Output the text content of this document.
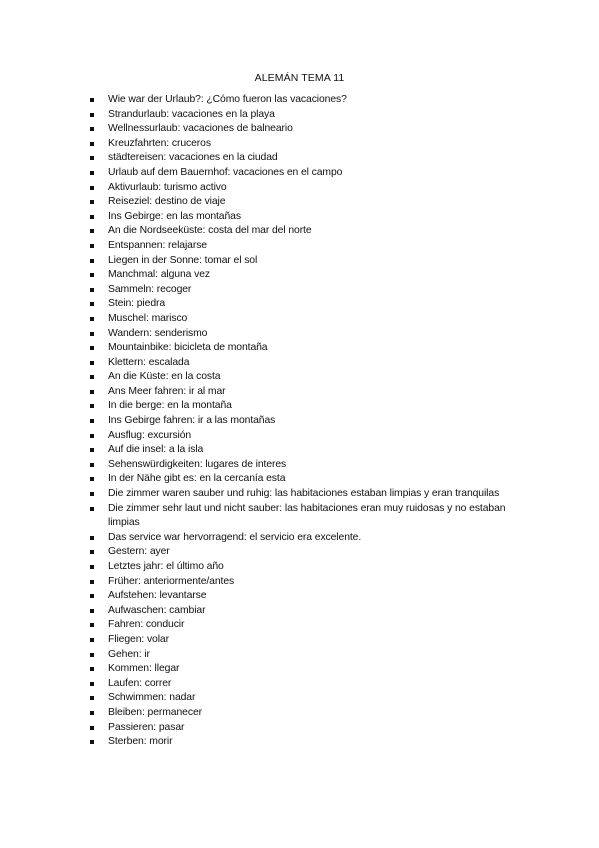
ALEMÁN TEMA 11
Wie war der Urlaub?: ¿Cómo fueron las vacaciones?
Strandurlaub: vacaciones en la playa
Wellnessurlaub: vacaciones de balneario
Kreuzfahrten: cruceros
städtereisen: vacaciones en la ciudad
Urlaub auf dem Bauernhof: vacaciones en el campo
Aktivurlaub: turismo activo
Reiseziel: destino de viaje
Ins Gebirge: en las montañas
An die Nordseeküste: costa del mar del norte
Entspannen: relajarse
Liegen in der Sonne: tomar el sol
Manchmal: alguna vez
Sammeln: recoger
Stein: piedra
Muschel: marisco
Wandern: senderismo
Mountainbike: bicicleta de montaña
Klettern: escalada
An die Küste: en la costa
Ans Meer fahren: ir al mar
In die berge: en la montaña
Ins Gebirge fahren: ir a las montañas
Ausflug: excursión
Auf die insel: a la isla
Sehenswürdigkeiten: lugares de interes
In der Nähe gibt es: en la cercanía esta
Die zimmer waren sauber und ruhig: las habitaciones estaban limpias y eran tranquilas
Die zimmer sehr laut und nicht sauber: las habitaciones eran muy ruidosas y no estaban limpias
Das service war hervorragend: el servicio era excelente.
Gestern: ayer
Letztes jahr: el último año
Früher: anteriormente/antes
Aufstehen: levantarse
Aufwaschen: cambiar
Fahren: conducir
Fliegen: volar
Gehen: ir
Kommen: llegar
Laufen: correr
Schwimmen: nadar
Bleiben: permanecer
Passieren: pasar
Sterben: morir
